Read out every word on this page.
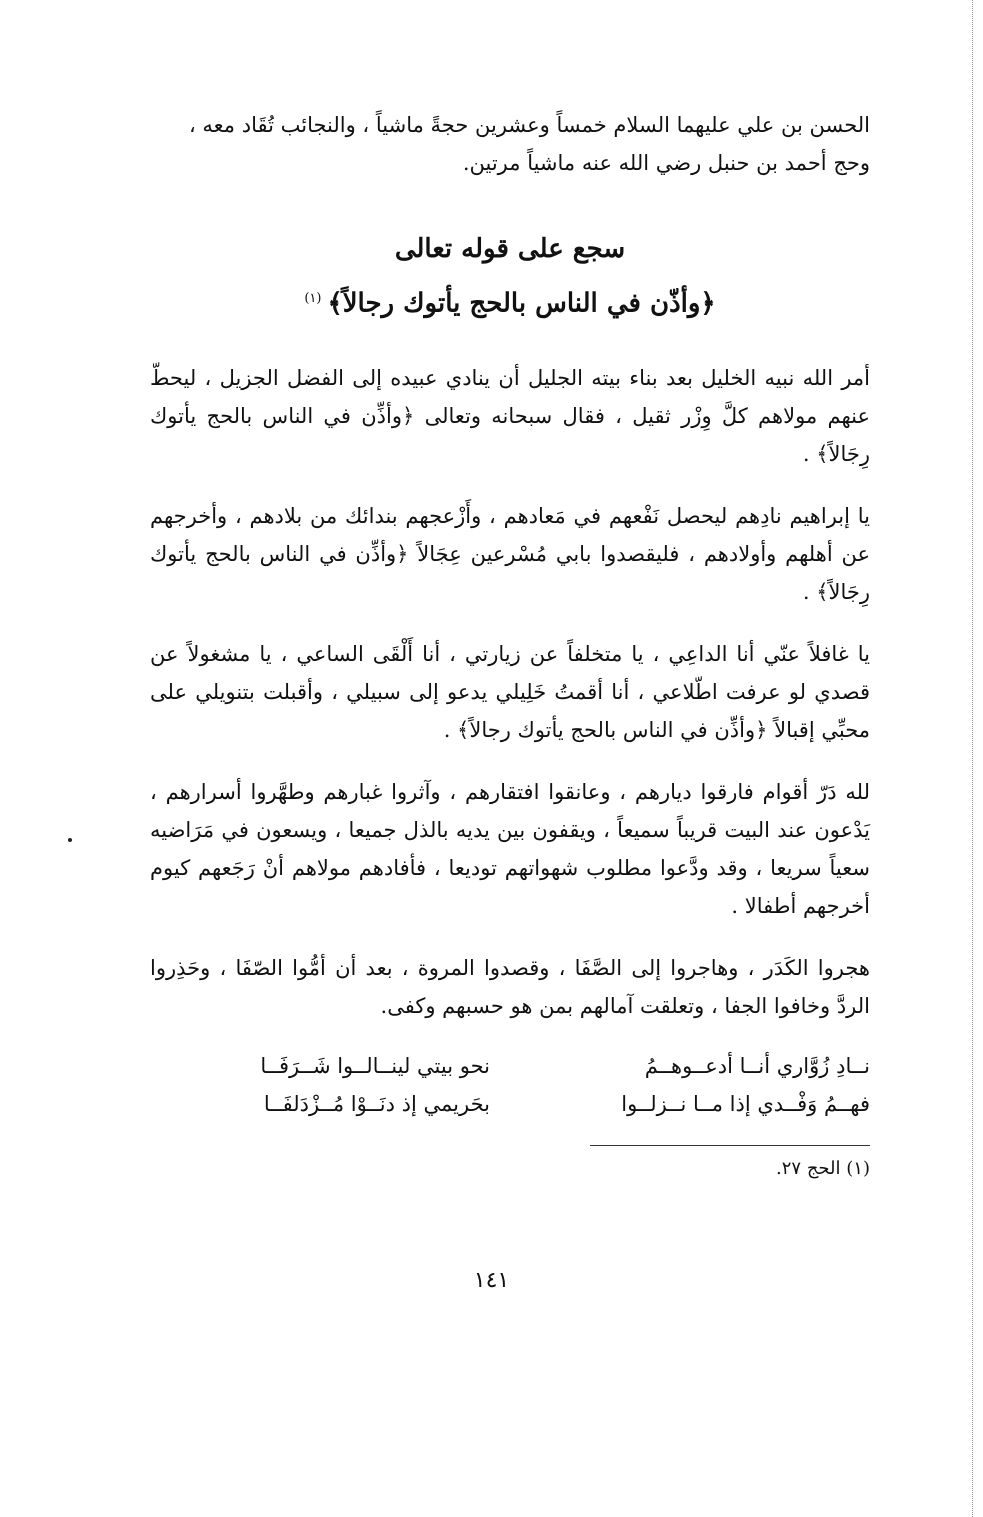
الحسن بن علي عليهما السلام خمساً وعشرين حجةً ماشياً ، والنجائب تُقَاد معه ،

وحج أحمد بن حنبل رضي الله عنه ماشياً مرتين.

سجع على قوله تعالى

﴿وأذّن في الناس بالحج يأتوك رجالاً﴾$^{(١)}$

أمر الله نبيه الخليل بعد بناء بيته الجليل أن ينادي عبيده إلى الفضل الجزيل ، ليحطّ عنهم مولاهم كلَّ وِزْر ثقيل ، فقال سبحانه وتعالى ﴿وأذِّن في الناس بالحج يأتوك رِجَالاً﴾ .

يا إبراهيم نادِهم ليحصل نَفْعهم في مَعادهم ، وأَزْعجهم بندائك من بلادهم ، وأخرجهم عن أهلهم وأولادهم ، فليقصدوا بابي مُسْرعين عِجَالاً ﴿وأذِّن في الناس بالحج يأتوك رِجَالاً﴾ .

يا غافلاً عنّي أنا الداعِي ، يا متخلفاً عن زيارتي ، أنا أَلْقَى الساعي ، يا مشغولاً عن قصدي لو عرفت اطّلاعي ، أنا أقمتُ خَلِيلي يدعو إلى سبيلي ، وأقبلت بتنويلي على محبِّي إقبالاً ﴿وأذِّن في الناس بالحج يأتوك رجالاً﴾ .

لله دَرّ أقوام فارقوا ديارهم ، وعانقوا افتقارهم ، وآثروا غبارهم وطهَّروا أسرارهم ، يَدْعون عند البيت قريباً سميعاً ، ويقفون بين يديه بالذل جميعا ، ويسعون في مَرَاضيه سعياً سريعا ، وقد ودَّعوا مطلوب شهواتهم توديعا ، فأفادهم مولاهم أنْ رَجَعهم كيوم أخرجهم أطفالا .

هجروا الكَدَر ، وهاجروا إلى الصَّفَا ، وقصدوا المروة ، بعد أن أمُّوا الصّفَا ، وحَذِروا الردَّ وخافوا الجفا ، وتعلقت آمالهم بمن هو حسبهم وكفى.

نــادِ زُوَّاري أنــا أدعــوهــمُ
نحو بيتي لينــالــوا شَــرَفَــا
فهــمُ وَفْــدي إذا مــا نــزلــوا
بحَريمي إذ دنَــوْا مُــزْدَلفَــا

(١) الحج ٢٧.

١٤١
